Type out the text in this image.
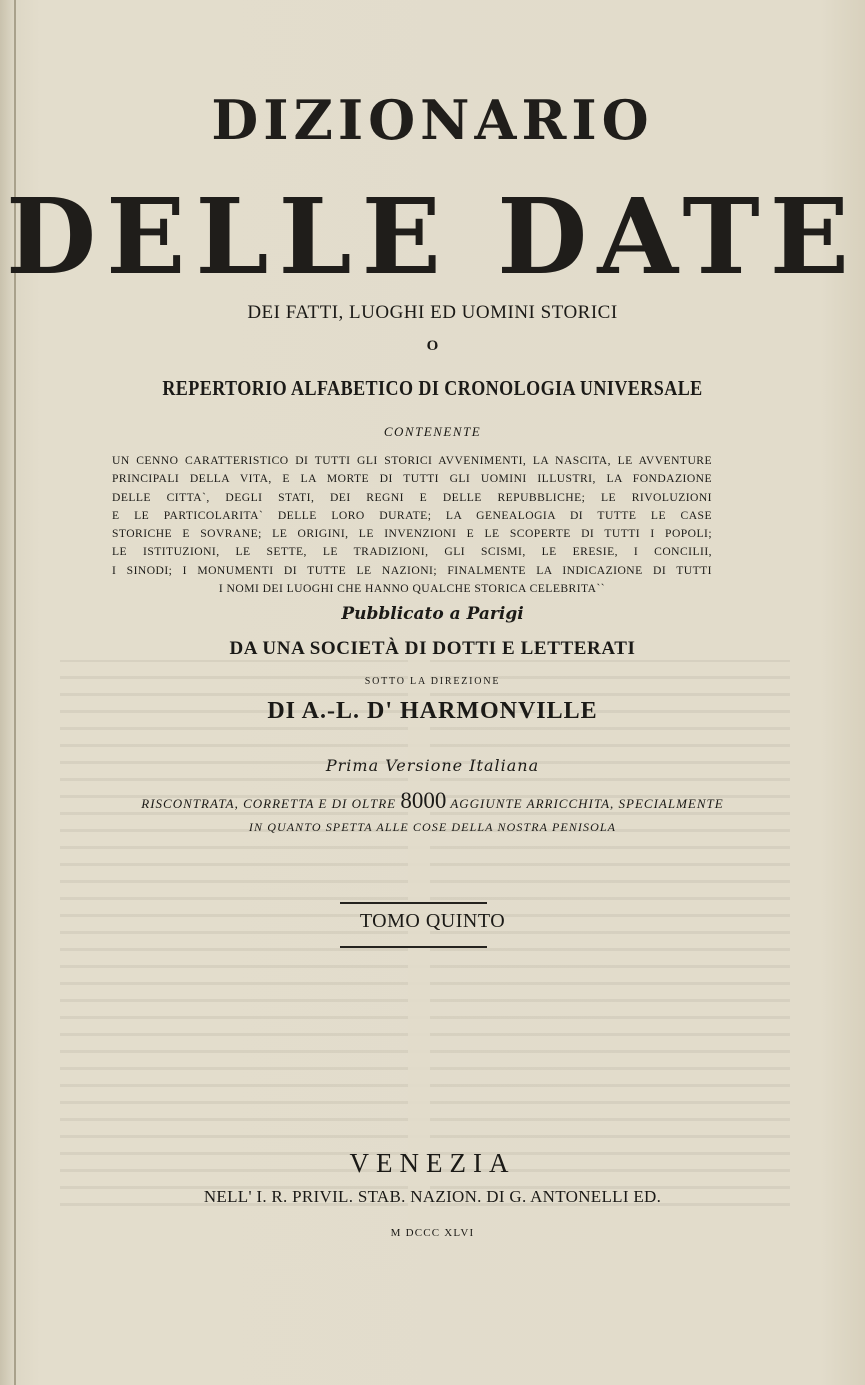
DIZIONARIO
DELLE DATE
DEI FATTI, LUOGHI ED UOMINI STORICI
O
REPERTORIO ALFABETICO DI CRONOLOGIA UNIVERSALE
CONTENENTE
UN CENNO CARATTERISTICO DI TUTTI GLI STORICI AVVENIMENTI, LA NASCITA, LE AVVENTURE
PRINCIPALI DELLA VITA, E LA MORTE DI TUTTI GLI UOMINI ILLUSTRI, LA FONDAZIONE
DELLE CITTA`, DEGLI STATI, DEI REGNI E DELLE REPUBBLICHE; LE RIVOLUZIONI
E LE PARTICOLARITA` DELLE LORO DURATE; LA GENEALOGIA DI TUTTE LE CASE
STORICHE E SOVRANE; LE ORIGINI, LE INVENZIONI E LE SCOPERTE DI TUTTI I POPOLI;
LE ISTITUZIONI, LE SETTE, LE TRADIZIONI, GLI SCISMI, LE ERESIE, I CONCILII,
I SINODI; I MONUMENTI DI TUTTE LE NAZIONI; FINALMENTE LA INDICAZIONE DI TUTTI
I NOMI DEI LUOGHI CHE HANNO QUALCHE STORICA CELEBRITA``
Pubblicato a Parigi
DA UNA SOCIETÀ DI DOTTI E LETTERATI
SOTTO LA DIREZIONE
DI A.-L. D' HARMONVILLE
Prima Versione Italiana
RISCONTRATA, CORRETTA E DI OLTRE 8000 AGGIUNTE ARRICCHITA, SPECIALMENTE
IN QUANTO SPETTA ALLE COSE DELLA NOSTRA PENISOLA
TOMO QUINTO
VENEZIA
NELL' I. R. PRIVIL. STAB. NAZION. DI G. ANTONELLI ED.
M DCCC XLVI
